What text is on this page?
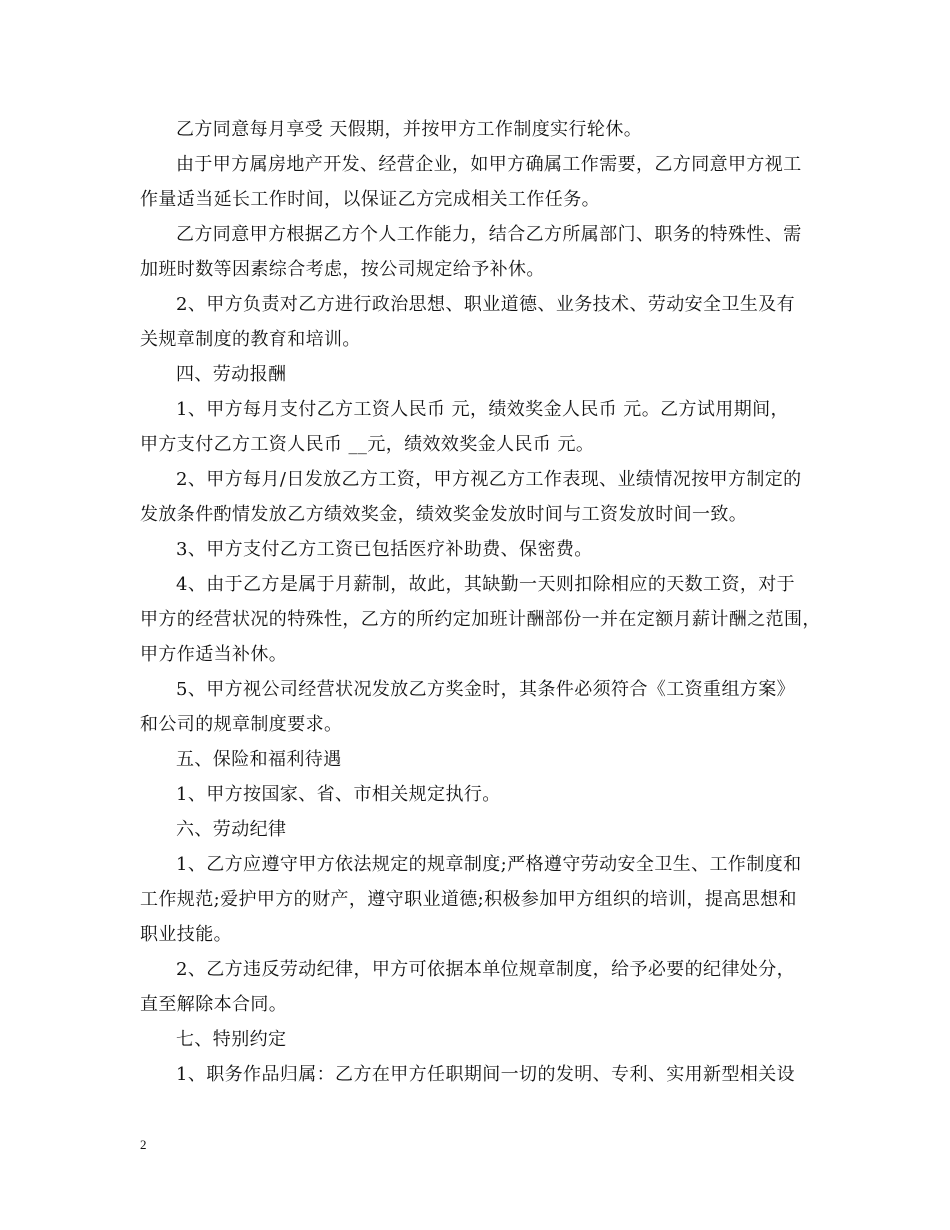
乙方同意每月享受 天假期，并按甲方工作制度实行轮休。
由于甲方属房地产开发、经营企业，如甲方确属工作需要，乙方同意甲方视工
作量适当延长工作时间，以保证乙方完成相关工作任务。
乙方同意甲方根据乙方个人工作能力，结合乙方所属部门、职务的特殊性、需
加班时数等因素综合考虑，按公司规定给予补休。
2、甲方负责对乙方进行政治思想、职业道德、业务技术、劳动安全卫生及有
关规章制度的教育和培训。
四、劳动报酬
1、甲方每月支付乙方工资人民币 元，绩效奖金人民币 元。乙方试用期间，
甲方支付乙方工资人民币 __元，绩效效奖金人民币 元。
2、甲方每月/日发放乙方工资，甲方视乙方工作表现、业绩情况按甲方制定的
发放条件酌情发放乙方绩效奖金，绩效奖金发放时间与工资发放时间一致。
3、甲方支付乙方工资已包括医疗补助费、保密费。
4、由于乙方是属于月薪制，故此，其缺勤一天则扣除相应的天数工资，对于
甲方的经营状况的特殊性，乙方的所约定加班计酬部份一并在定额月薪计酬之范围，
甲方作适当补休。
5、甲方视公司经营状况发放乙方奖金时，其条件必须符合《工资重组方案》
和公司的规章制度要求。
五、保险和福利待遇
1、甲方按国家、省、市相关规定执行。
六、劳动纪律
1、乙方应遵守甲方依法规定的规章制度;严格遵守劳动安全卫生、工作制度和
工作规范;爱护甲方的财产，遵守职业道德;积极参加甲方组织的培训，提高思想和
职业技能。
2、乙方违反劳动纪律，甲方可依据本单位规章制度，给予必要的纪律处分，
直至解除本合同。
七、特别约定
1、职务作品归属：乙方在甲方任职期间一切的发明、专利、实用新型相关设
2
